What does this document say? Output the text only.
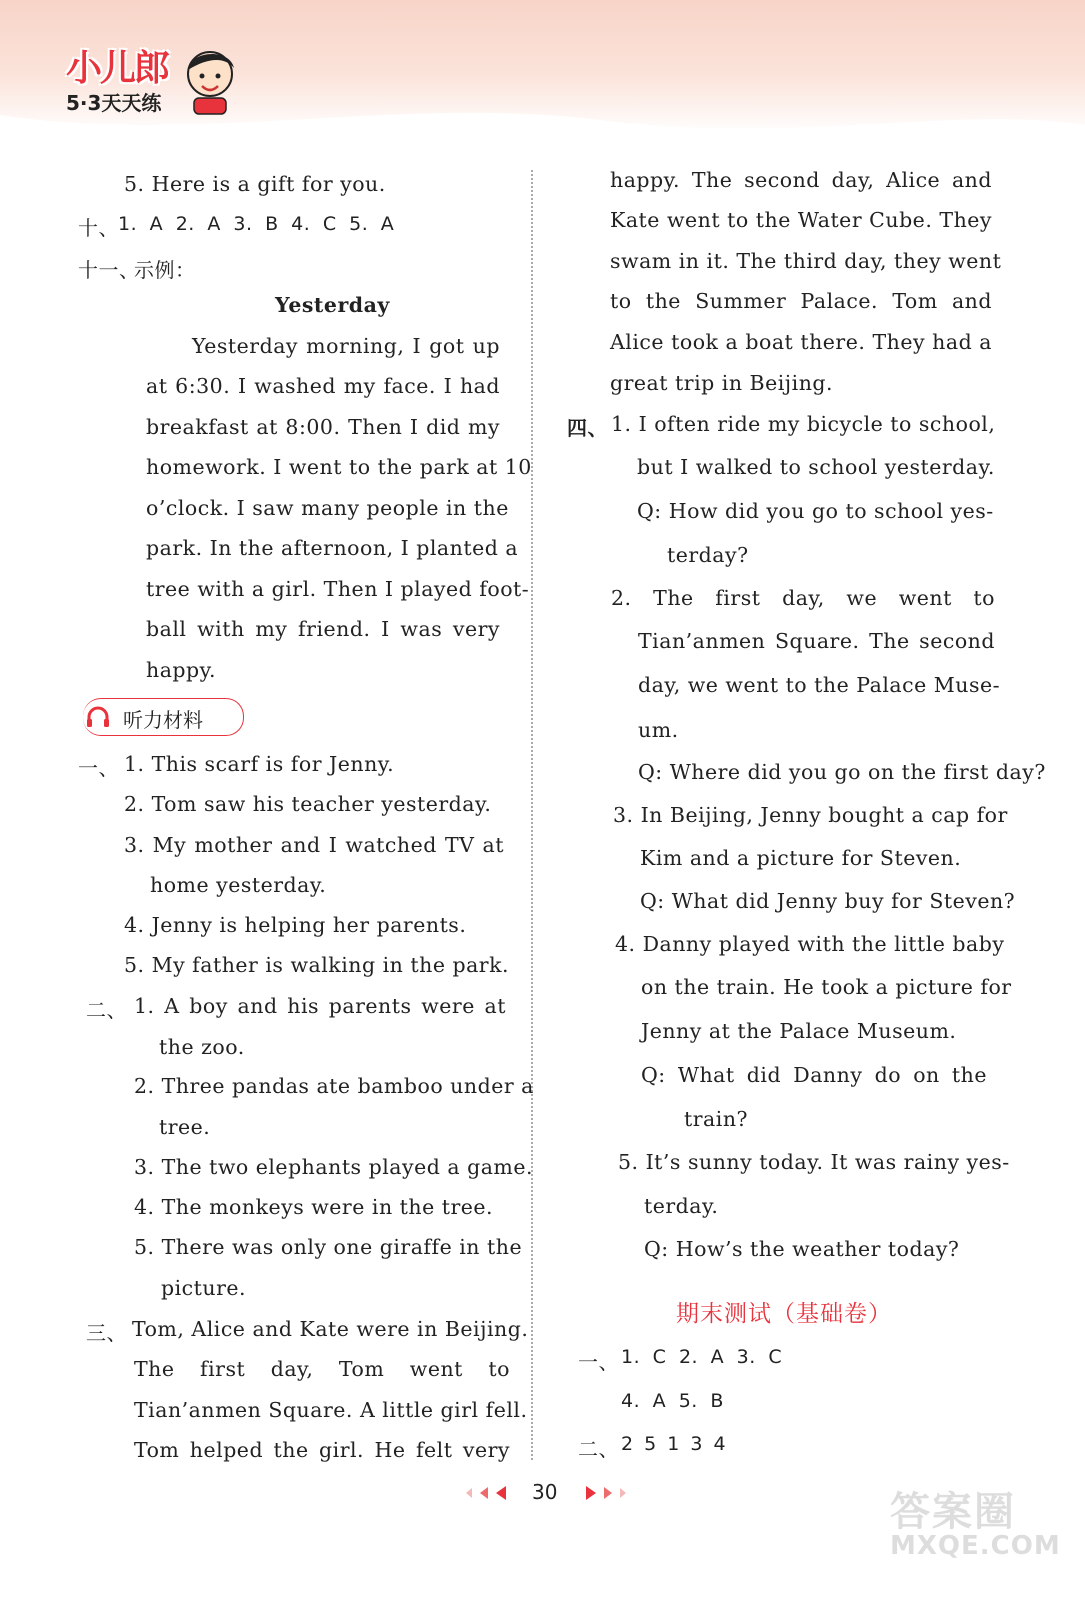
小儿郎
5·3天天练
5. Here is a gift for you.
十、 1. A 2. A 3. B 4. C 5. A
十一、
示例：
Yesterday
Yesterday morning, I got up
at 6:30. I washed my face. I had
breakfast at 8:00. Then I did my
homework. I went to the park at 10
o’clock. I saw many people in the
park. In the afternoon, I planted a
tree with a girl. Then I played foot-
ball with my friend. I was very
happy.
听力材料
一、 1. This scarf is for Jenny.
2. Tom saw his teacher yesterday.
3. My mother and I watched TV at
home yesterday.
4. Jenny is helping her parents.
5. My father is walking in the park.
二、 1. A boy and his parents were at
the zoo.
2. Three pandas ate bamboo under a
tree.
3. The two elephants played a game.
4. The monkeys were in the tree.
5. There was only one giraffe in the
picture.
三、 Tom, Alice and Kate were in Beijing.
The first day, Tom went to
Tian’anmen Square. A little girl fell.
Tom helped the girl. He felt very
happy. The second day, Alice and
Kate went to the Water Cube. They
swam in it. The third day, they went
to the Summer Palace. Tom and
Alice took a boat there. They had a
great trip in Beijing.
四、 1. I often ride my bicycle to school,
but I walked to school yesterday.
Q: How did you go to school yes-
terday?
2. The first day, we went to
Tian’anmen Square. The second
day, we went to the Palace Muse-
um.
Q: Where did you go on the first day?
3. In Beijing, Jenny bought a cap for
Kim and a picture for Steven.
Q: What did Jenny buy for Steven?
4. Danny played with the little baby
on the train. He took a picture for
Jenny at the Palace Museum.
Q: What did Danny do on the
train?
5. It’s sunny today. It was rainy yes-
terday.
Q: How’s the weather today?
期末测试（基础卷）
一、 1. C 2. A 3. C
4. A 5. B
二、 2 5 1 3 4
30	答案圈
MXQE.COM
